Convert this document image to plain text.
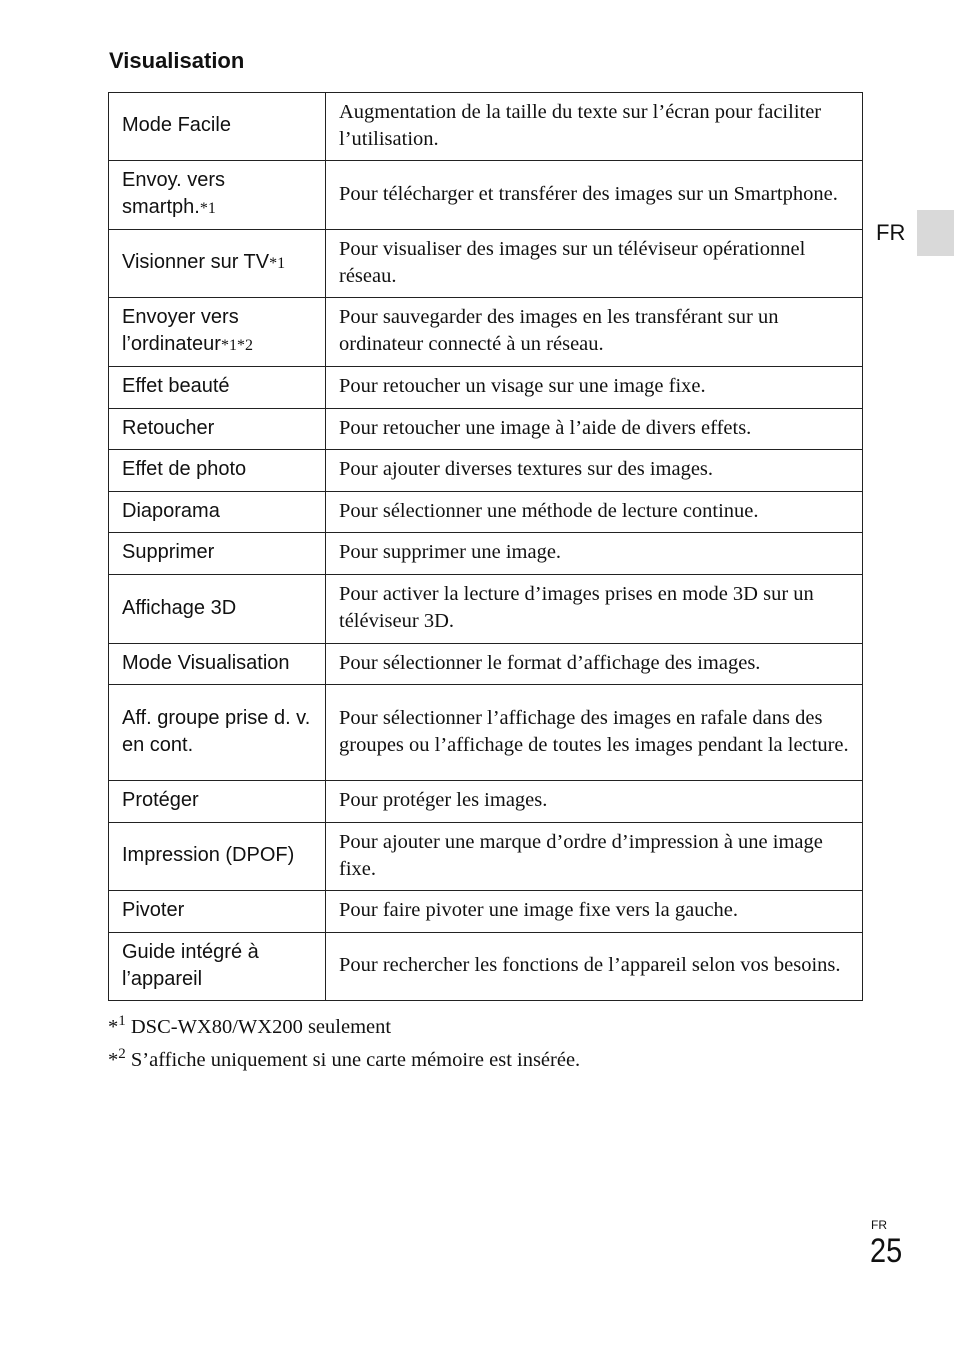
Visualisation
Mode Facile	Augmentation de la taille du texte sur l’écran pour faciliter l’utilisation.
Envoy. vers smartph.*1	Pour télécharger et transférer des images sur un Smartphone.
Visionner sur TV*1	Pour visualiser des images sur un téléviseur opérationnel réseau.
Envoyer vers l’ordinateur*1*2	Pour sauvegarder des images en les transférant sur un ordinateur connecté à un réseau.
Effet beauté	Pour retoucher un visage sur une image fixe.
Retoucher	Pour retoucher une image à l’aide de divers effets.
Effet de photo	Pour ajouter diverses textures sur des images.
Diaporama	Pour sélectionner une méthode de lecture continue.
Supprimer	Pour supprimer une image.
Affichage 3D	Pour activer la lecture d’images prises en mode 3D sur un téléviseur 3D.
Mode Visualisation	Pour sélectionner le format d’affichage des images.
Aff. groupe prise d. v. en cont.	Pour sélectionner l’affichage des images en rafale dans des groupes ou l’affichage de toutes les images pendant la lecture.
Protéger	Pour protéger les images.
Impression (DPOF)	Pour ajouter une marque d’ordre d’impression à une image fixe.
Pivoter	Pour faire pivoter une image fixe vers la gauche.
Guide intégré à l’appareil	Pour rechercher les fonctions de l’appareil selon vos besoins.
*$^1$ DSC-WX80/WX200 seulement
*$^2$ S’affiche uniquement si une carte mémoire est insérée.
FR
FR
25
